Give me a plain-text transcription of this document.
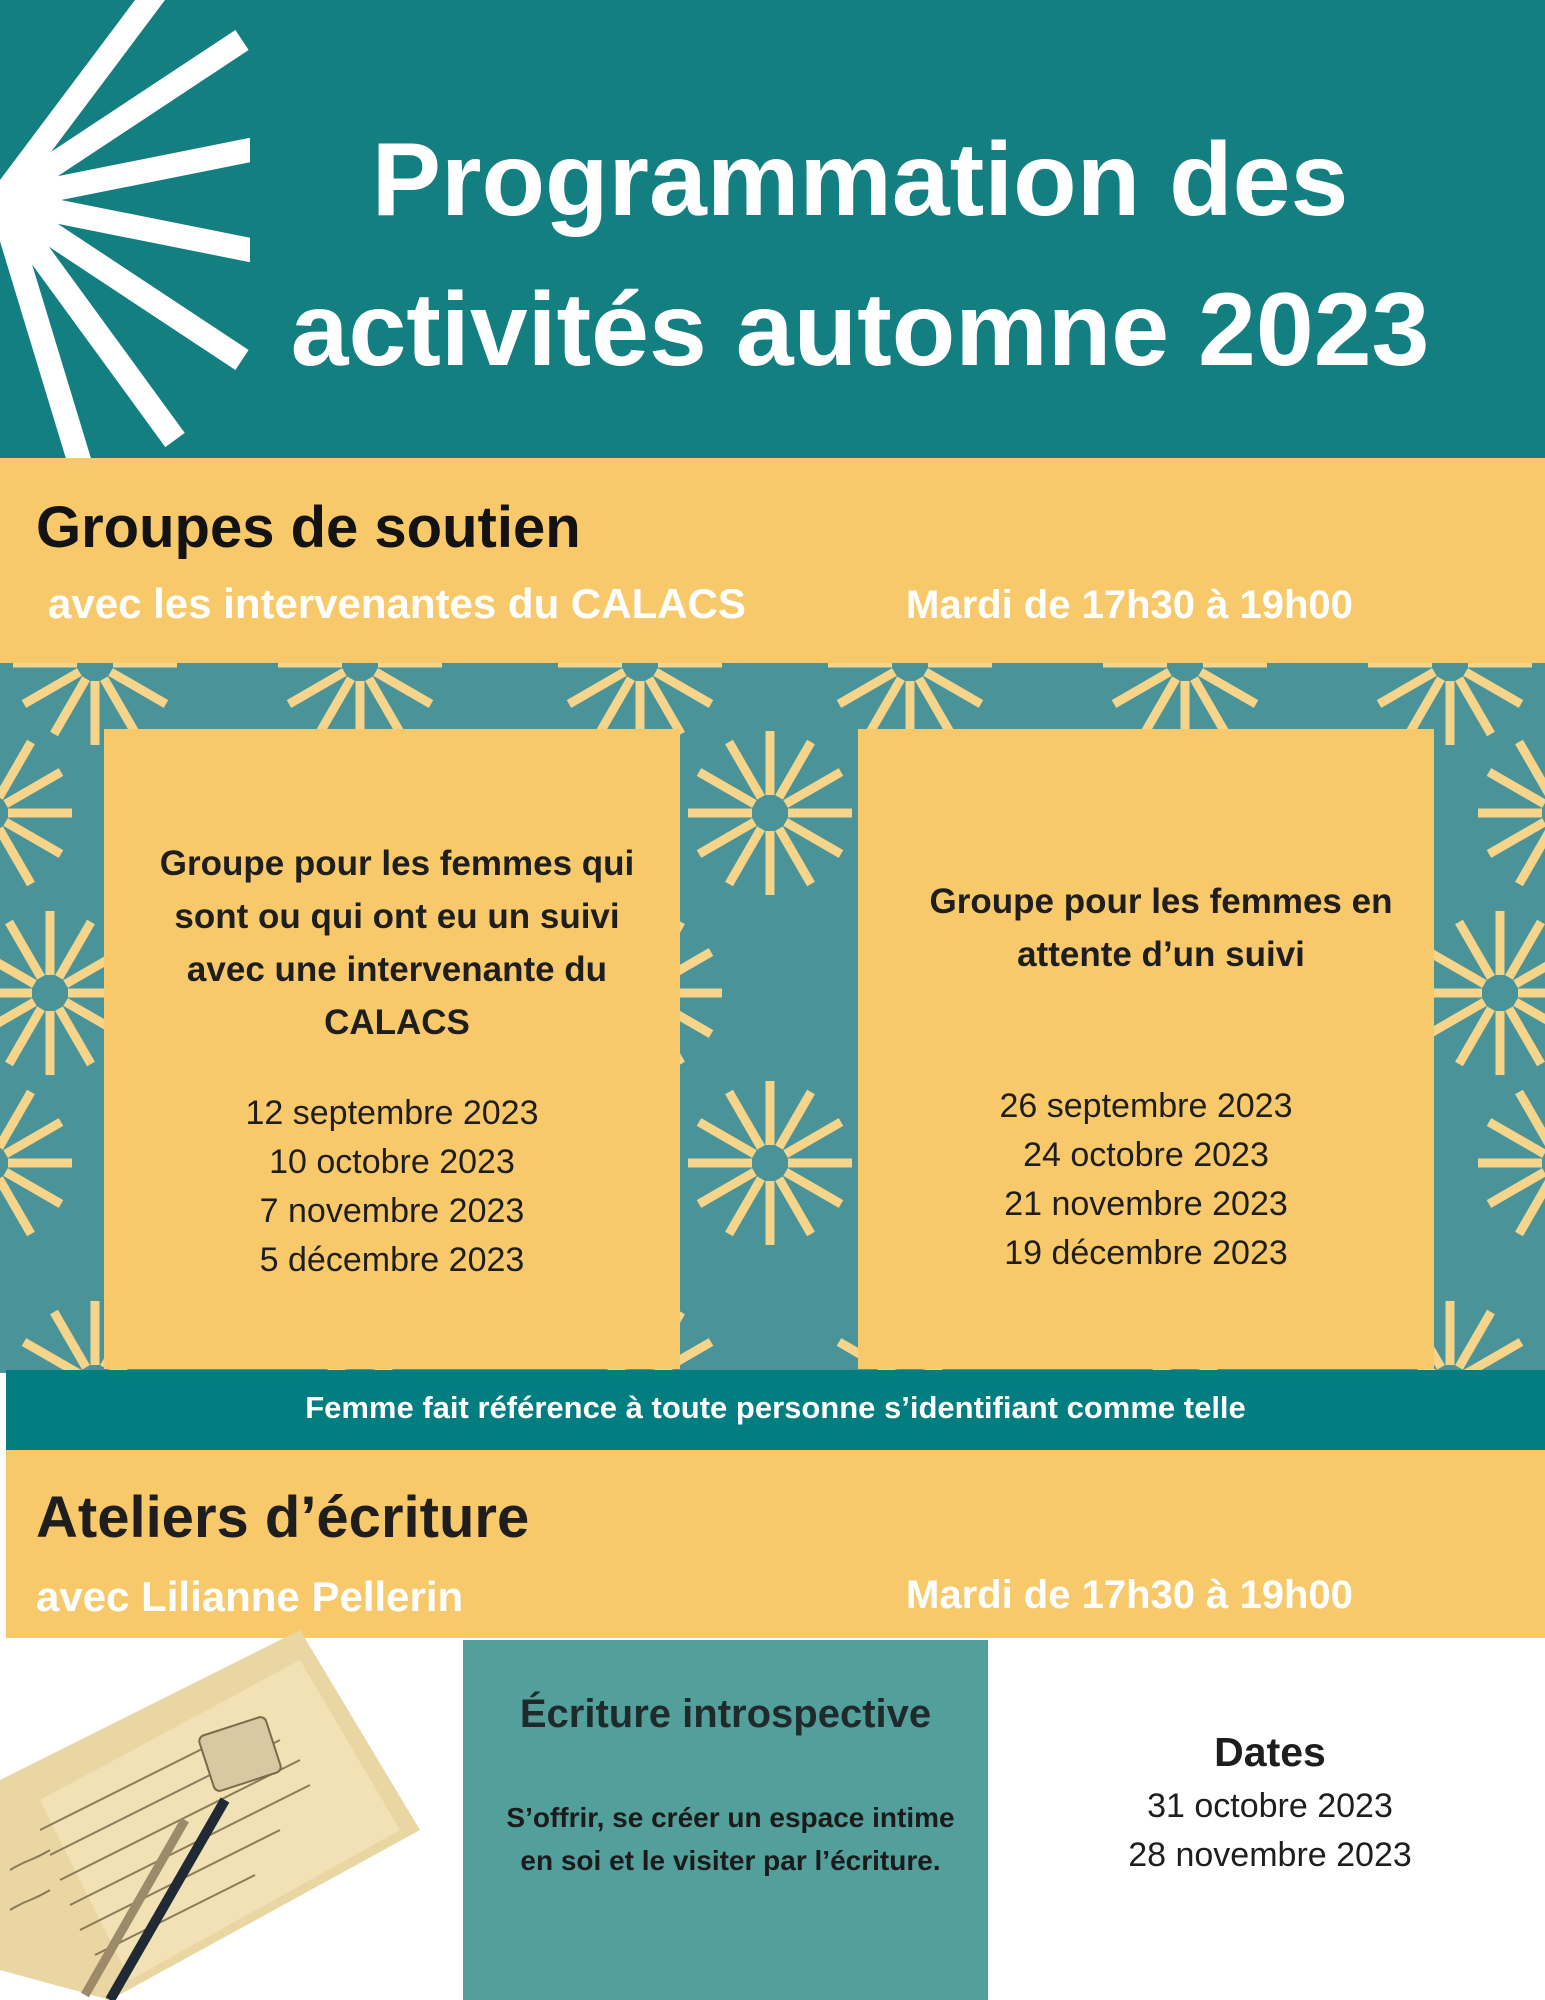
Programmation des
activités automne 2023
Groupes de soutien
avec les intervenantes du CALACS	Mardi de 17h30 à 19h00
Groupe pour les femmes qui
sont ou qui ont eu un suivi
avec une intervenante du
CALACS
12 septembre 2023
10 octobre 2023
7 novembre 2023
5 décembre 2023
Groupe pour les femmes en
attente d’un suivi
26 septembre 2023
24 octobre 2023
21 novembre 2023
19 décembre 2023
Femme fait référence à toute personne s’identifiant comme telle
Ateliers d’écriture
avec Lilianne Pellerin	Mardi de 17h30 à 19h00
Écriture introspective
S’offrir, se créer un espace intime
en soi et le visiter par l’écriture.
Dates
31 octobre 2023
28 novembre 2023
